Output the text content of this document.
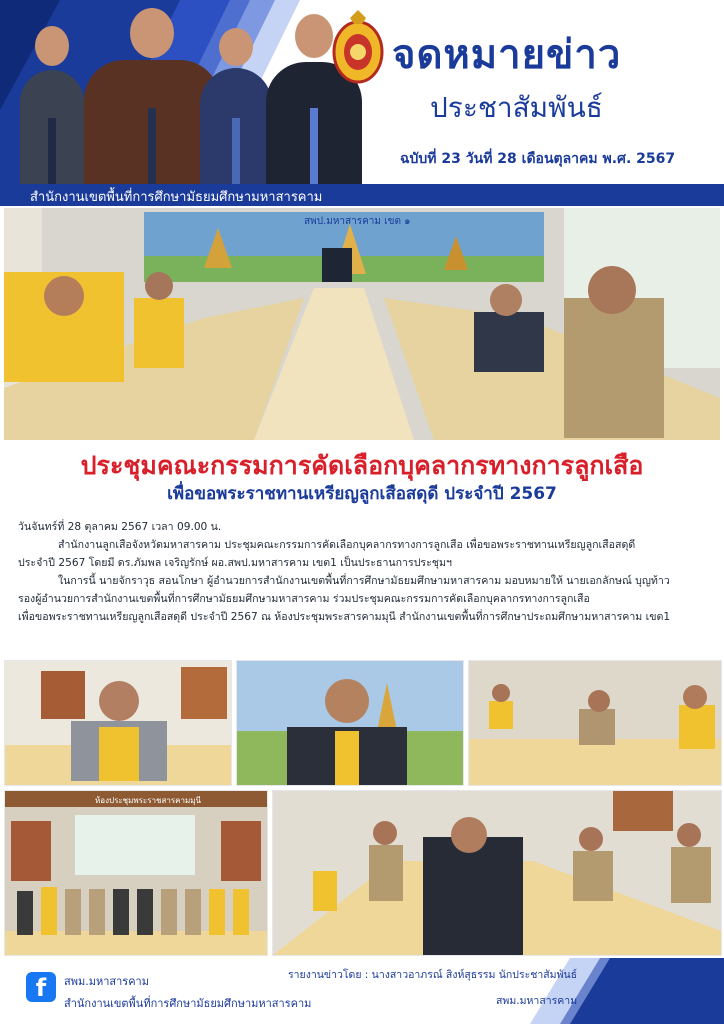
จดหมายข่าว
ประชาสัมพันธ์
ฉบับที่ 23 วันที่ 28 เดือนตุลาคม พ.ศ. 2567
สำนักงานเขตพื้นที่การศึกษามัธยมศึกษามหาสารคาม
สพป.มหาสารคาม เขต ๑
ประชุมคณะกรรมการคัดเลือกบุคลากรทางการลูกเสือ
เพื่อขอพระราชทานเหรียญลูกเสือสดุดี ประจำปี 2567

วันจันทร์ที่ 28 ตุลาคม 2567 เวลา 09.00 น.

สำนักงานลูกเสือจังหวัดมหาสารคาม ประชุมคณะกรรมการคัดเลือกบุคลากรทางการลูกเสือ เพื่อขอพระราชทานเหรียญลูกเสือสดุดี

ประจำปี 2567 โดยมี ดร.ภัมพล เจริญรักษ์ ผอ.สพป.มหาสารคาม เขต1 เป็นประธานการประชุมฯ

ในการนี้ นายจักราวุธ สอนโกษา ผู้อำนวยการสำนักงานเขตพื้นที่การศึกษามัธยมศึกษามหาสารคาม มอบหมายให้ นายเอกลักษณ์ บุญท้าว

รองผู้อำนวยการสำนักงานเขตพื้นที่การศึกษามัธยมศึกษามหาสารคาม ร่วมประชุมคณะกรรมการคัดเลือกบุคลากรทางการลูกเสือ

เพื่อขอพระราชทานเหรียญลูกเสือสดุดี ประจำปี 2567 ณ ห้องประชุมพระสารคามมุนี สำนักงานเขตพื้นที่การศึกษาประถมศึกษามหาสารคาม เขต1

ห้องประชุมพระราชสารคามมุนี
f	สพม.มหาสารคาม
สำนักงานเขตพื้นที่การศึกษามัธยมศึกษามหาสารคาม
รายงานข่าวโดย : นางสาวอาภรณ์ สิงห์สุธรรม นักประชาสัมพันธ์
สพม.มหาสารคาม
